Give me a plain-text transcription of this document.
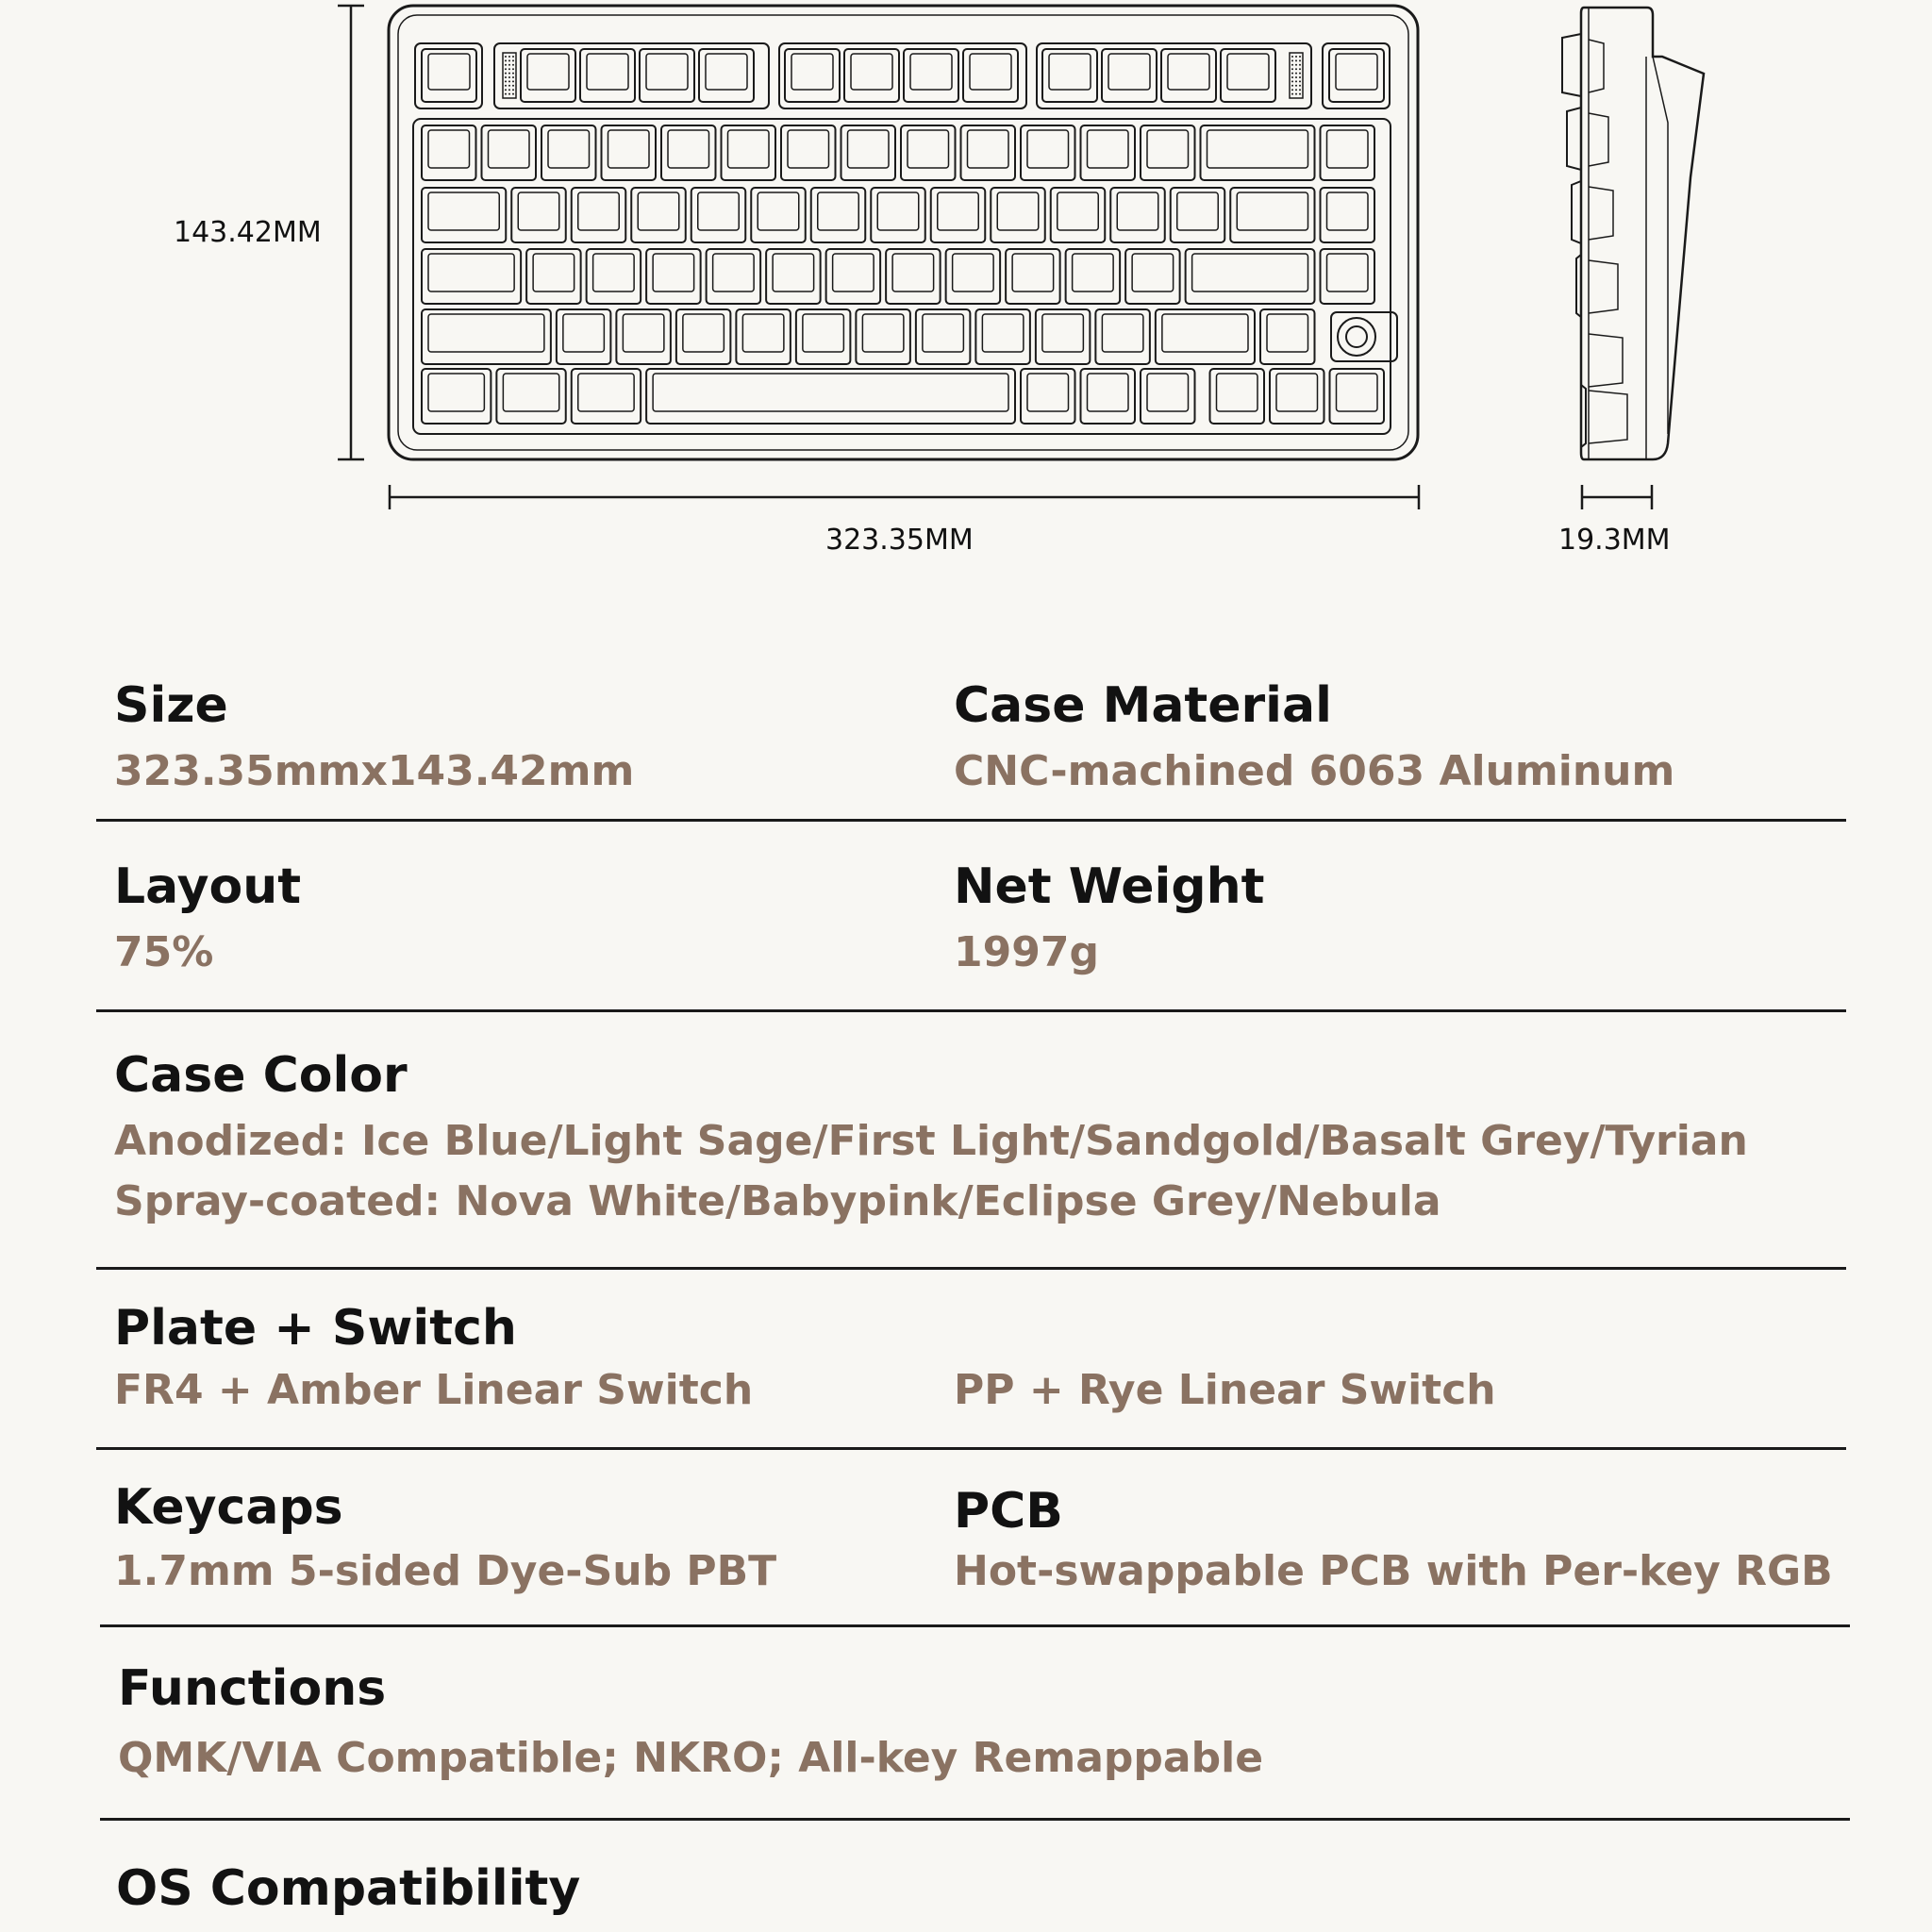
143.42MM
323.35MM	19.3MM
Size
323.35mmx143.42mm
Case Material
CNC-machined 6063 Aluminum
Layout
75%
Net Weight
1997g
Case Color
Anodized: Ice Blue/Light Sage/First Light/Sandgold/Basalt Grey/Tyrian
Spray-coated: Nova White/Babypink/Eclipse Grey/Nebula
Plate + Switch
FR4 + Amber Linear Switch	PP + Rye Linear Switch
Keycaps
1.7mm 5-sided Dye-Sub PBT
PCB
Hot-swappable PCB with Per-key RGB
Functions
QMK/VIA Compatible; NKRO; All-key Remappable
OS Compatibility
